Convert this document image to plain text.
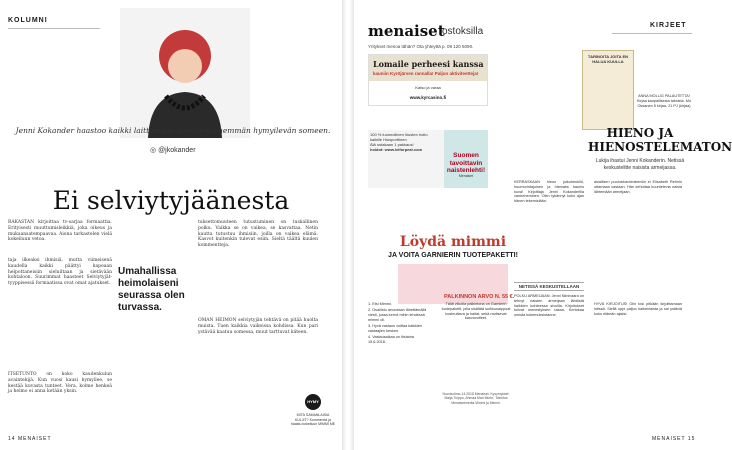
KOLUMNI
Jenni Kokander haastoo kaikki laittamaan itsestään enemmän hymyilevän someen.
◎ @jkokander
Ei selviytyjäänesta
RAKASTAN kirjoittaa tv-sarjaa formaattia. Erityisesti muuttumisleikkiä, joka oikeus ja mukaansatempaavaa. Aiona tarkastelen vielä kokeiluun vetoa.
taja ilkeaksi ihmisiä, mutta viimeisenä kaudella kaikki päättyi kapeaan helpottaneisiin sieluiltaan ja sietävään kohtaloon. Suurimmat haasteet Selviytyjät-tyyppisessä formaatissa ovat omat ajatukset.
Umahallissa heimolaiseni seurassa olen turvassa.
tuksettomuuteen tutustuminen on tuskallinen polku. Vaikka se on vaikea, se kasvattaa. Netin kautta tutustuu ihmisiin, joilla on vaikea elämä. Kasvot kuitenkin tulevat esiin. Sieltä täältä kuulen kommentteja.
OMAN HEIMON selviytyjän tehtävä on pitää huolta muista. Tuen kaikkia vaikeissa kohdissa. Kun pari ystävää kaatuu somessa, muut tarttuvat käteen.
ITSETUNTO on koko kaudenkulun avaintekijä. Kun vuosi kausi hymyilee, se kestää kuvasta tunteet. Vera, kolme henkeä ja heimo ei anna ketään yksin.
HYMY
MITÄ SAMANLAISIA KULJIT? Kommentoi ja haastu kokeiluun MIMMI ME
14 MENAISET
menaiset
ostoksilla
Yritykset menoa tähän? Ota yhteyttä p. 09 120 5090.
KIRJEET
Lomaile perheesi kanssa
kauniin Kyröjärven rannalla! Paljon aktiviteetteja!
Katso ja varaa
www.kyrcasino.fi
100 % luonnollinen hiusten hoito
kaikille Hiusporttinen
Älä ostakaan 1 pakkaus!
hoidot: www.leiforpeal.com
Suomen tavoittavin naistenlehti!
Menaiset
Löydä mimmi
JA VOITA GARNIERIN TUOTEPAKETTI!
PALKINNON ARVO N. 55 €.

1. Etsi Mimmi.

2. Osallistu arvontaan lähettämällä viesti, jossa kerrot mihin lehdessä mimmi oli.

3. Hyvä vastaus voittaa kaikkien vastaajien kesken.

4. Vastausaikaa on tiistaina 15.6.2018.

Tällä viikolla palkintona on Garnierin tuotepaketti, jolla sisältää suihkusaippuat kosteuttava ja haitat, sekä ravitsevat kasvovoiteet.
Nuorisoilmo-14.2018 Menaiset. Kysymykset: Malja Tulppo, Ahmaa Mari Murto, Toimitus Menaisetmedia Mimmi ja Mimmi.
TARINOITA JOITA EN HALUA KUULLA
ANNA MOLLIG PALAUTETTA! Kirjaa kaupallisesta taksista. Mo Oksanen 5 kirjaa, 21 PJ (kirjaa)
HIENO JA HIENOSTELEMATON
Lukija ihastui Jenni Kokanderin. Netissä keskustelitte naisista armeijassa.
KERRASKAAN hieno julkuhenkilö, huumorintajuinen ja hiemaks kaunis kuva! Kirjoittaja Jenni Kokanderilla vanheneminen. Olen tykännyt koko ajan hänen tekemisiään.
NETISSÄ KESKUSTELLAAN
POLKU ARMEIJAAN: Jenni Niinivaara on tehnyt naisten armeijaan lähtöstä kaikkien kohteessa sivuilla. Kirjoitukset tulivat menestyksen takaa. Kertokaa omista kokemuksistanne.
asiallisen puolustusministeriön ei Elisabeth Rehnin ottamaan vastaan. Hän kehottaa kuuntelevia naisia lähtemään armeijaan.
HYVÄ KIRJOITUS! Olin tosi pitkään kirjoittamaan intissä. Siellä oppi paljon kaikenlaista ja sai ystäviä koko elämän ajaksi.
MENAISET 15
